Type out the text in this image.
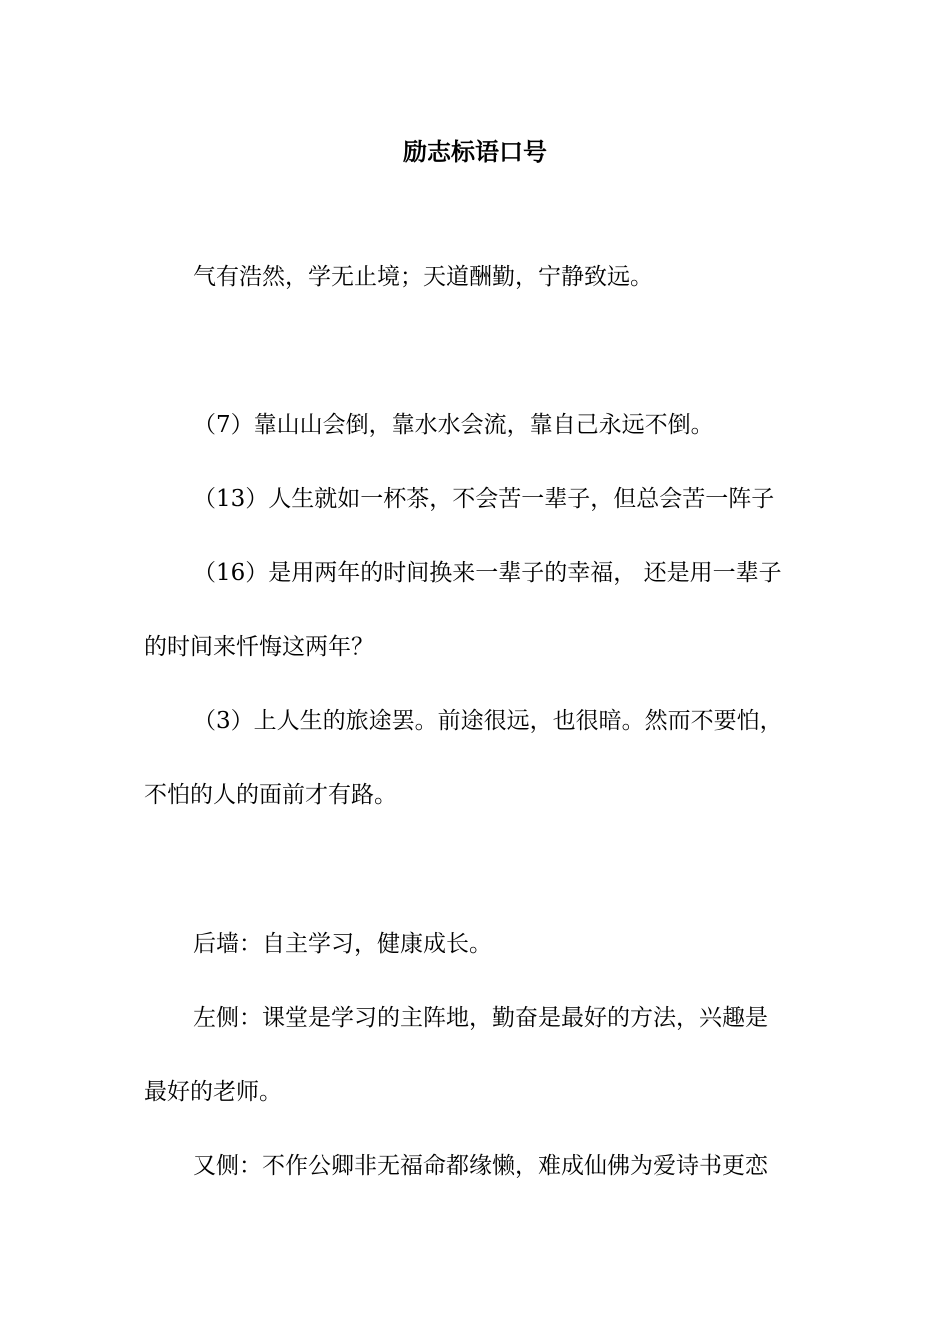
励志标语口号
气有浩然，学无止境；天道酬勤，宁静致远。
（7）靠山山会倒，靠水水会流，靠自己永远不倒。
（13）人生就如一杯茶，不会苦一辈子，但总会苦一阵子
（16）是用两年的时间换来一辈子的幸福， 还是用一辈子
的时间来忏悔这两年？
（3）上人生的旅途罢。前途很远，也很暗。然而不要怕，
不怕的人的面前才有路。
后墙：自主学习，健康成长。
左侧：课堂是学习的主阵地，勤奋是最好的方法，兴趣是
最好的老师。
又侧：不作公卿非无福命都缘懒，难成仙佛为爱诗书更恋
